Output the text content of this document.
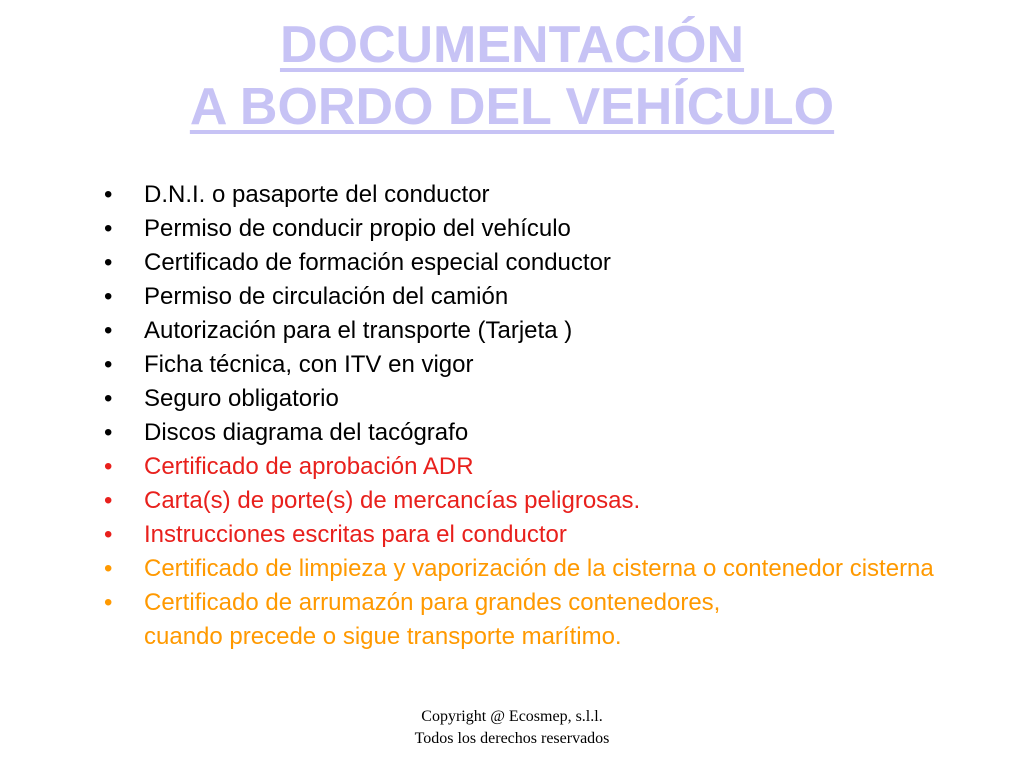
DOCUMENTACIÓN
A BORDO DEL VEHÍCULO
• D.N.I. o pasaporte del conductor
• Permiso de conducir propio del vehículo
• Certificado de formación especial conductor
• Permiso de circulación del camión
• Autorización para el transporte (Tarjeta )
• Ficha técnica, con ITV en vigor
• Seguro obligatorio
• Discos diagrama del tacógrafo
• Certificado de aprobación ADR
• Carta(s) de porte(s) de mercancías peligrosas.
• Instrucciones escritas para el conductor
• Certificado de limpieza y vaporización de la cisterna o contenedor cisterna
• Certificado de arrumazón para grandes contenedores,
cuando precede o sigue transporte marítimo.
Copyright @ Ecosmep, s.l.l.
Todos los derechos reservados
